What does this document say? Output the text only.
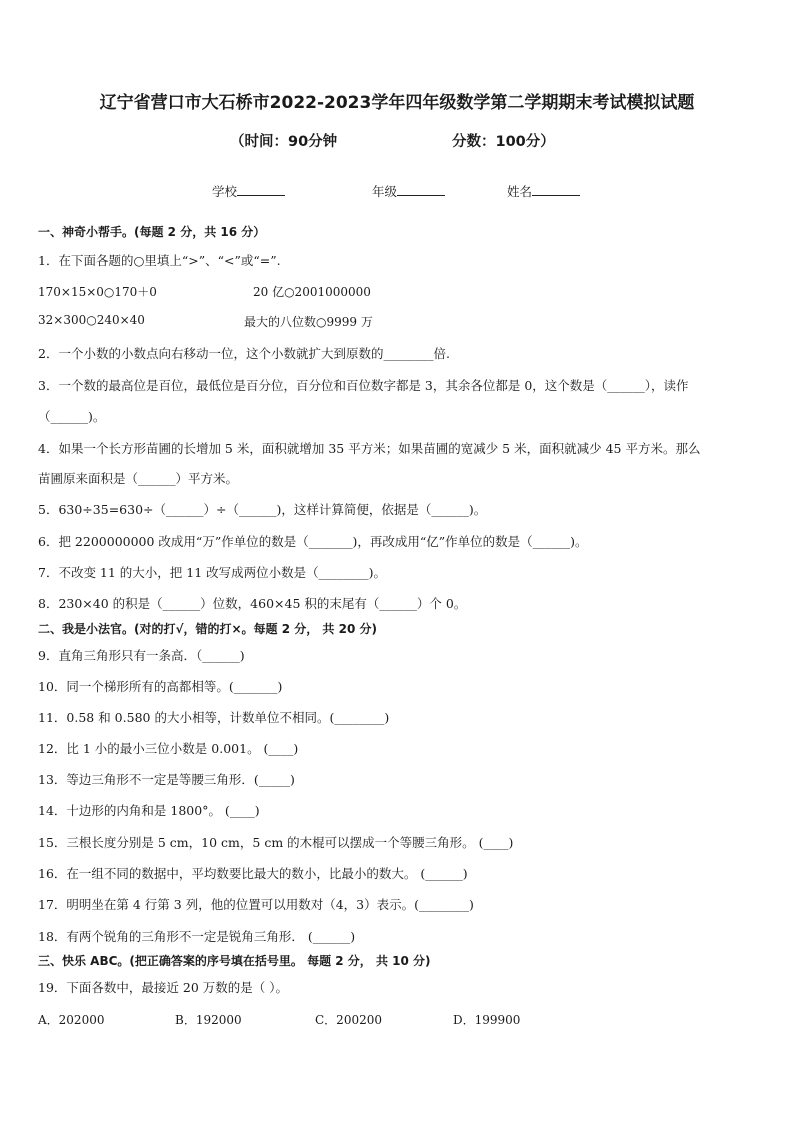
辽宁省营口市大石桥市2022-2023学年四年级数学第二学期期末考试模拟试题
（时间：90分钟	分数：100分）
学校	年级	姓名
一、神奇小帮手。(每题 2 分，共 16 分）
1．在下面各题的○里填上“>”、“<”或“=”.
170×15×0○170＋0	20 亿○2001000000
32×300○240×40	最大的八位数○9999 万
2．一个小数的小数点向右移动一位，这个小数就扩大到原数的________倍.
3．一个数的最高位是百位，最低位是百分位，百分位和百位数字都是 3，其余各位都是 0，这个数是（______），读作
（______)。
4．如果一个长方形苗圃的长增加 5 米，面积就增加 35 平方米；如果苗圃的宽减少 5 米，面积就减少 45 平方米。那么
苗圃原来面积是（______）平方米。
5．630÷35=630÷（______）÷（______)，这样计算简便，依据是（______)。
6．把 2200000000 改成用“万”作单位的数是（_______)，再改成用“亿”作单位的数是（______)。
7．不改变 11 的大小，把 11 改写成两位小数是（________)。
8．230×40 的积是（______）位数，460×45 积的末尾有（______）个 0。
二、我是小法官。(对的打√，错的打×。每题 2 分， 共 20 分)
9．直角三角形只有一条高．（______)
10．同一个梯形所有的高都相等。(_______)
11．0.58 和 0.580 的大小相等，计数单位不相同。(________)
12．比 1 小的最小三位小数是 0.001。 (____)
13．等边三角形不一定是等腰三角形．(_____)
14．十边形的内角和是 1800°。 (____)
15．三根长度分别是 5 cm，10 cm，5 cm 的木棍可以摆成一个等腰三角形。 (____)
16．在一组不同的数据中，平均数要比最大的数小，比最小的数大。 (______)
17．明明坐在第 4 行第 3 列，他的位置可以用数对（4，3）表示。(________)
18．有两个锐角的三角形不一定是锐角三角形． (______)
三、快乐 ABC。(把正确答案的序号填在括号里。 每题 2 分， 共 10 分)
19．下面各数中，最接近 20 万数的是（ ）。
A．202000	B．192000	C．200200	D．199900
